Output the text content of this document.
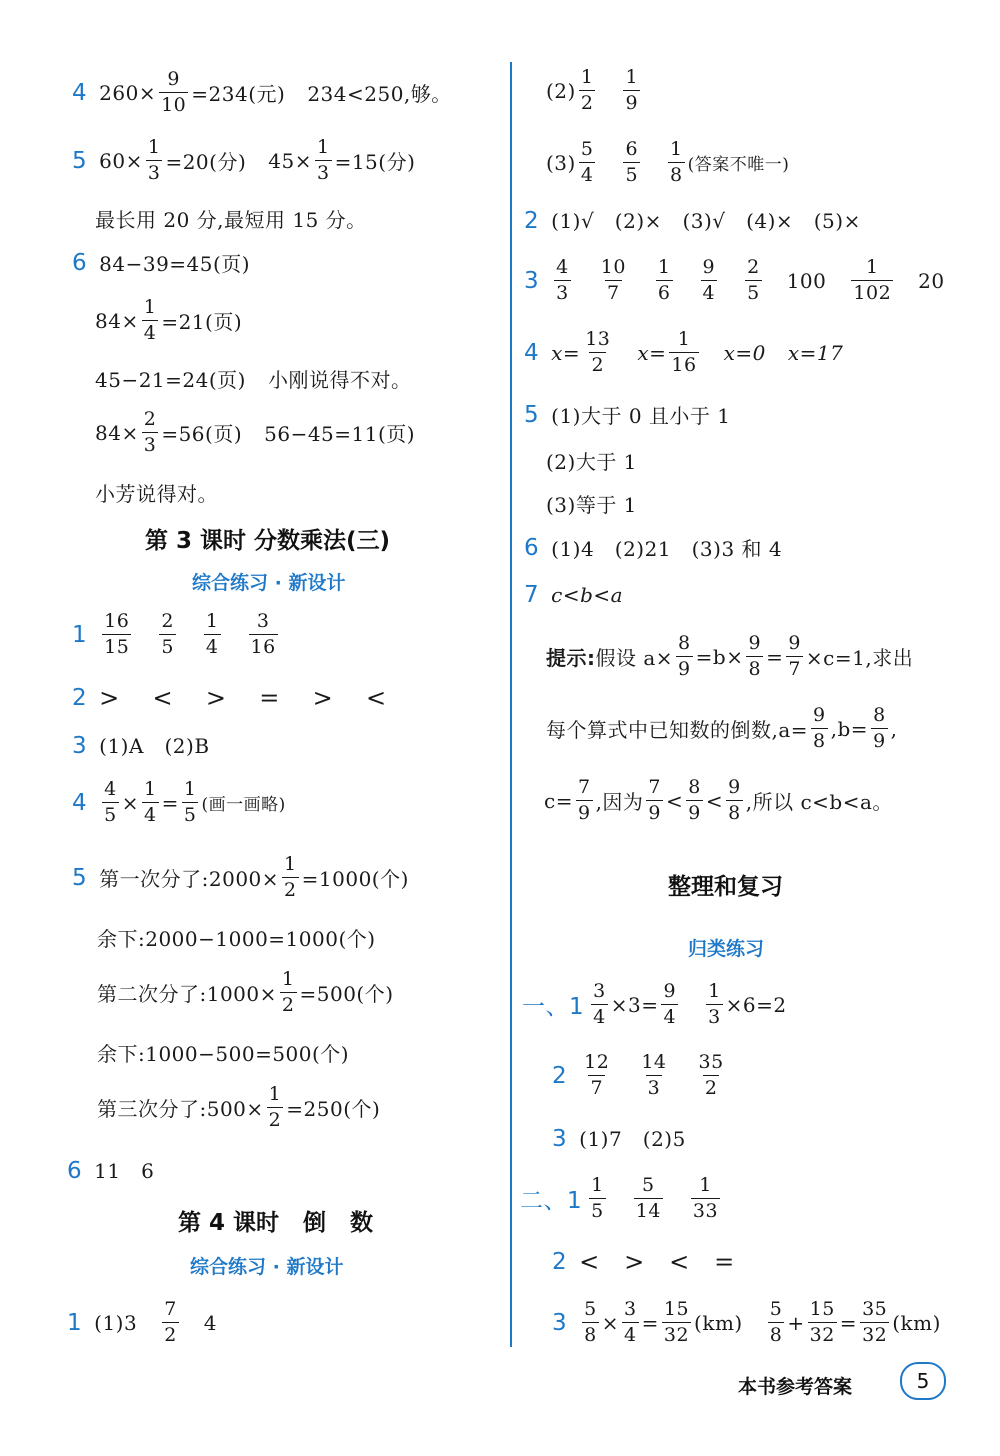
4 $260\times \frac{9}{10} =234$(元) 234<250,够。
5 $60\times \frac{1}{3} =20$(分) $45\times \frac{1}{3} =15$(分)
最长用 20 分,最短用 15 分。
6 84−39=45(页)
$84\times \frac{1}{4} =21$(页)
45−21=24(页) 小刚说得不对。
$84\times \frac{2}{3} =56$(页) 56−45=11(页)
小芳说得对。
第 3 课时 分数乘法(三)
综合练习 · 新设计
$1 \frac{16}{15} \frac{2}{5} \frac{1}{4} \frac{3}{16}$
2 >  <  >  =  >  <
3 (1)A   (2)B
$4 \frac{4}{5} \times \frac{1}{4} = \frac{1}{5}$ (画一画略)
5 第一次分了:2000× $\frac{1}{2} =1000$(个)
余下:2000−1000=1000(个)
第二次分了:1000× $\frac{1}{2} =500$(个)
余下:1000−500=500(个)
第三次分了:500× $\frac{1}{2} =250$(个)
6 11   6
第 4 课时   倒   数
综合练习 · 新设计
1 $(1)3 \frac{7}{2} 4$
$(2) \frac{1}{2} \frac{1}{9}$
$(3) \frac{5}{4} \frac{6}{5} \frac{1}{8}$ (答案不唯一)
2 (1)√   (2)×   (3)√   (4)×   (5)×
$3 \frac{4}{3} \frac{10}{7} \frac{1}{6} \frac{9}{4} \frac{2}{5} 100 \frac{1}{102} 20$
4 $x= \frac{13}{2} x= \frac{1}{16} x=0$ x=17
5 (1)大于 0 且小于 1
(2)大于 1
(3)等于 1
6 (1)4   (2)21   (3)3 和 4
7 c<b<a
提示: 假设 $a\times \frac{8}{9} =b\times \frac{9}{8} = \frac{9}{7} \times c=1$,求出
每个算式中已知数的倒数$,a= \frac{9}{8} ,b= \frac{8}{9}$ ,
$c= \frac{7}{9}$ ,因为 $\frac{7}{9} < \frac{8}{9} < \frac{9}{8}$ ,所以 c<b<a。
整理和复习
归类练习
一、$1 \frac{3}{4} \times 3= \frac{9}{4} \frac{1}{3} \times 6=2$
$2 \frac{12}{7} \frac{14}{3} \frac{35}{2}$
3 (1)7   (2)5
二、$1 \frac{1}{5} \frac{5}{14} \frac{1}{33}$
2 <   >   <   =
$3 \frac{5}{8} \times \frac{3}{4} = \frac{15}{32} (km) \frac{5}{8} + \frac{15}{32} = \frac{35}{32} (km)$
本书参考答案	5
